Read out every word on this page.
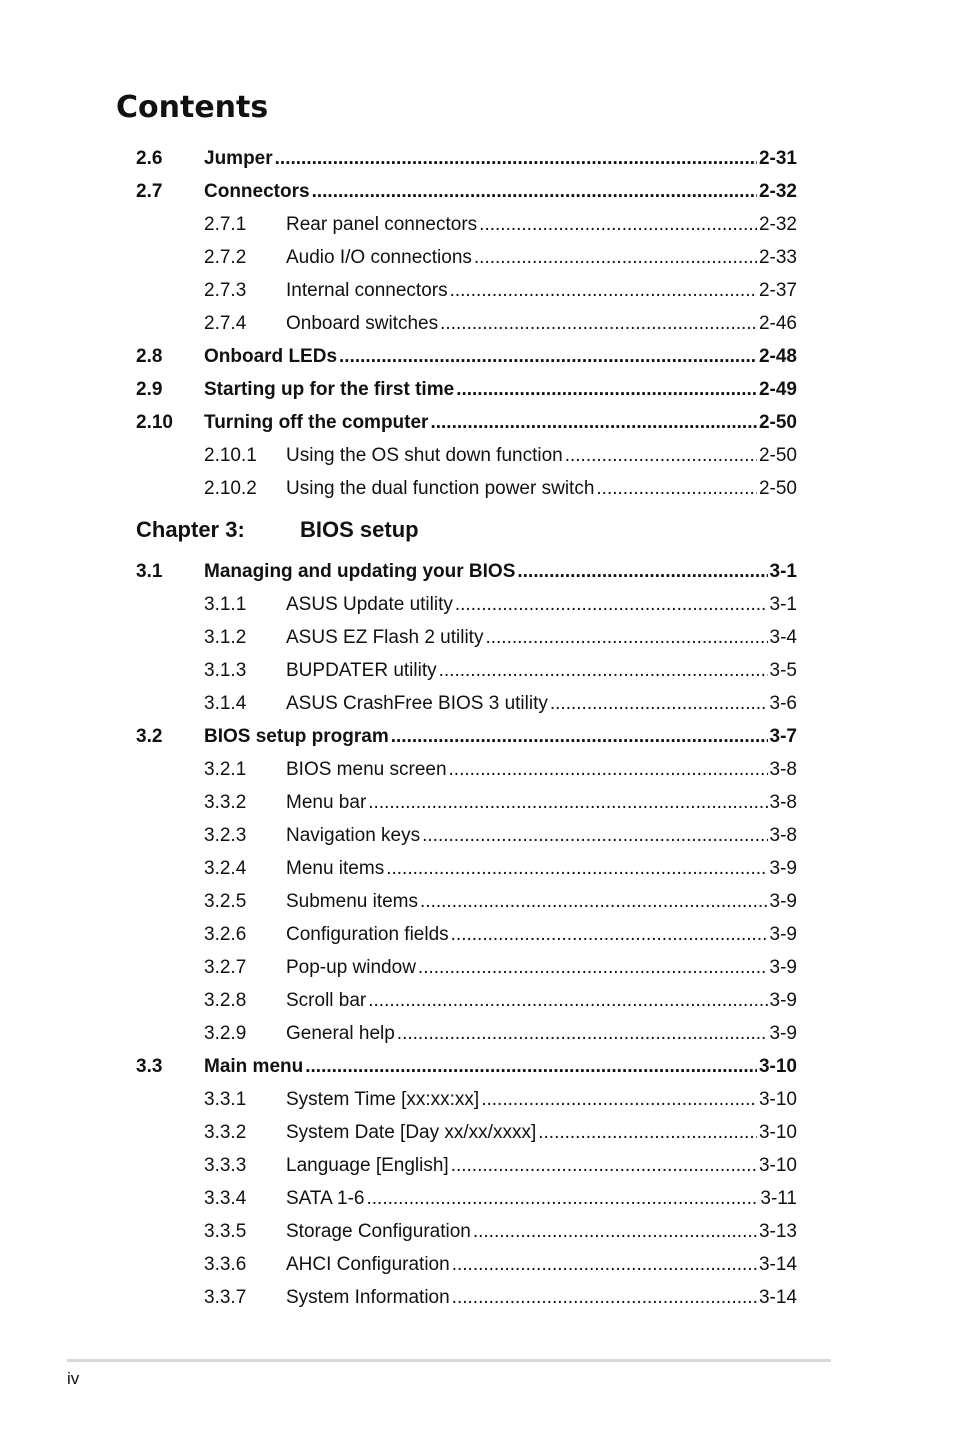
Contents
2.6 Jumper .....	2-31
2.7 Connectors .....	2-32
2.7.1 Rear panel connectors .....	2-32
2.7.2 Audio I/O connections .....	2-33
2.7.3 Internal connectors .....	2-37
2.7.4 Onboard switches .....	2-46
2.8 Onboard LEDs .....	2-48
2.9 Starting up for the first time .....	2-49
2.10 Turning off the computer .....	2-50
2.10.1 Using the OS shut down function .....	2-50
2.10.2 Using the dual function power switch .....	2-50
Chapter 3:	BIOS setup
3.1 Managing and updating your BIOS .....	3-1
3.1.1 ASUS Update utility .....	3-1
3.1.2 ASUS EZ Flash 2 utility .....	3-4
3.1.3 BUPDATER utility .....	3-5
3.1.4 ASUS CrashFree BIOS 3 utility .....	3-6
3.2 BIOS setup program .....	3-7
3.2.1 BIOS menu screen .....	3-8
3.3.2 Menu bar .....	3-8
3.2.3 Navigation keys .....	3-8
3.2.4 Menu items .....	3-9
3.2.5 Submenu items .....	3-9
3.2.6 Configuration fields .....	3-9
3.2.7 Pop-up window .....	3-9
3.2.8 Scroll bar .....	3-9
3.2.9 General help .....	3-9
3.3 Main menu .....	3-10
3.3.1 System Time [xx:xx:xx] .....	3-10
3.3.2 System Date [Day xx/xx/xxxx] .....	3-10
3.3.3 Language [English] .....	3-10
3.3.4 SATA 1-6 .....	3-11
3.3.5 Storage Configuration .....	3-13
3.3.6 AHCI Configuration .....	3-14
3.3.7 System Information .....	3-14
iv
